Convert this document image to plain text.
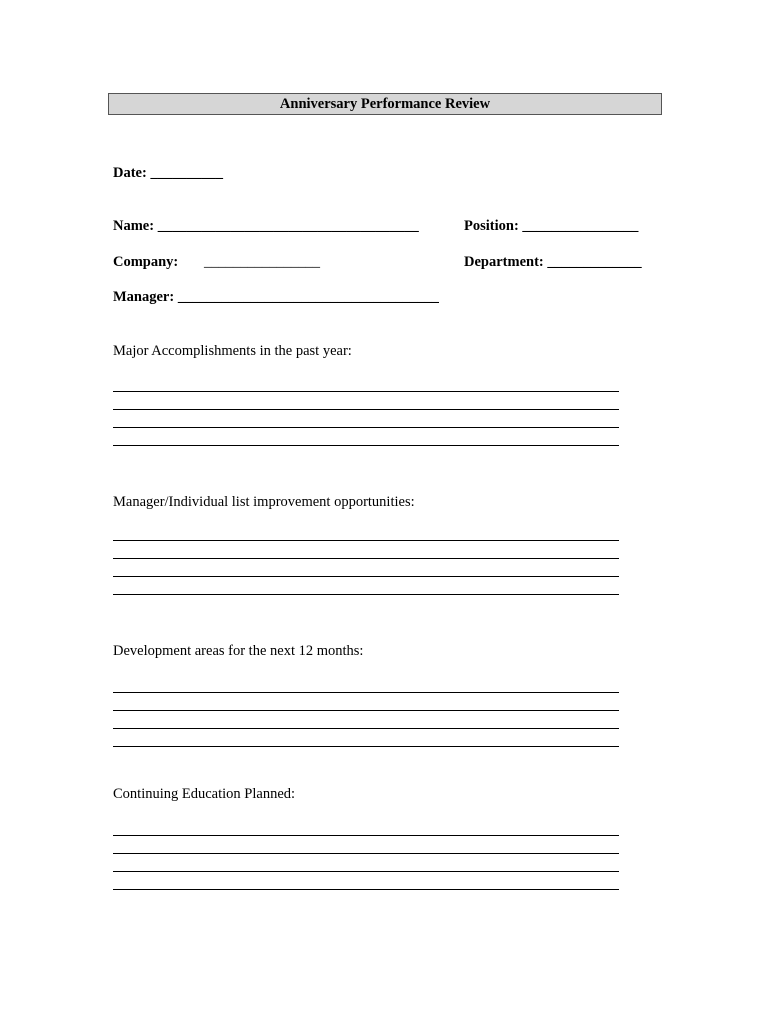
Anniversary Performance Review
Date: __________
Name: ____________________________________	Position: ________________
Company: ________________	Department: _____________
Manager: ____________________________________
Major Accomplishments in the past year:
Manager/Individual list improvement opportunities:
Development areas for the next 12 months:
Continuing Education Planned:
